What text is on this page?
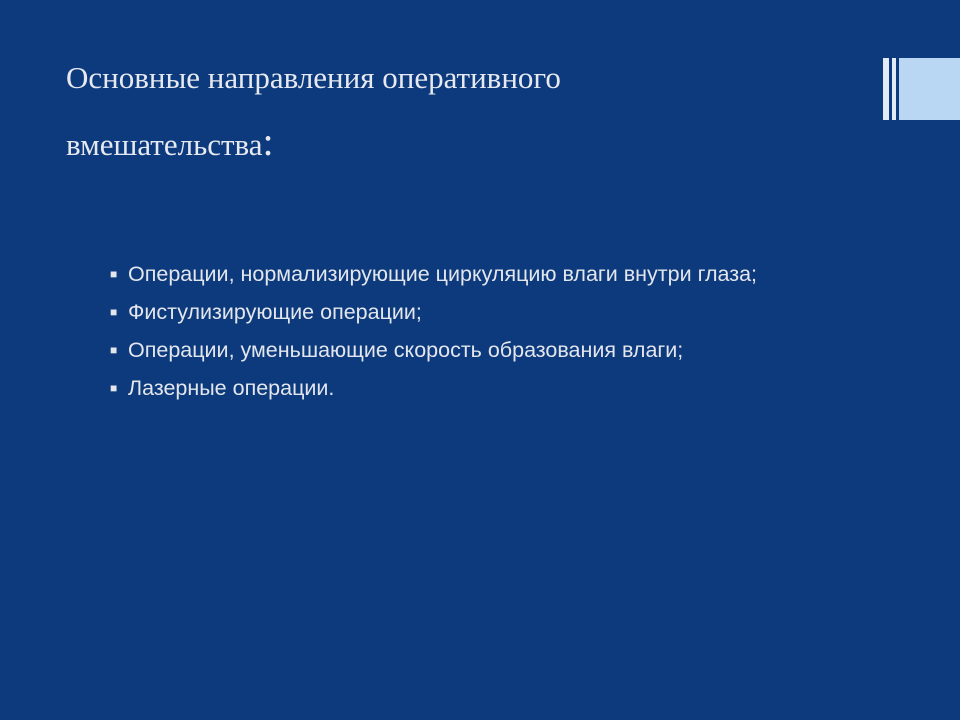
Основные направления оперативного
вмешательства:
■ Операции, нормализирующие циркуляцию влаги внутри глаза;
■ Фистулизирующие операции;
■ Операции, уменьшающие скорость образования влаги;
■ Лазерные операции.
